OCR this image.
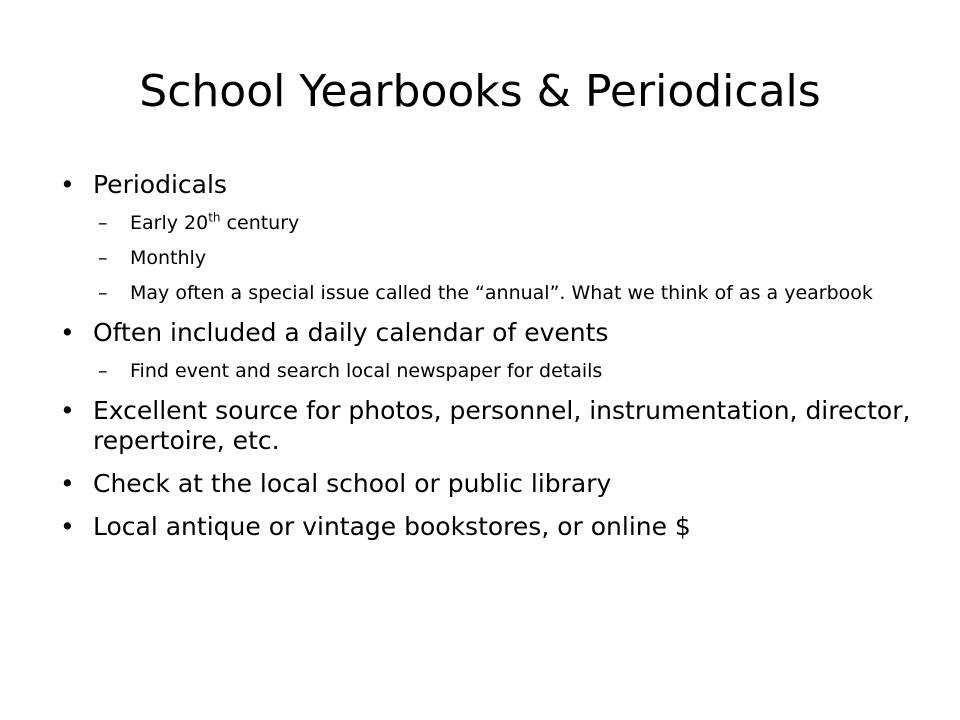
School Yearbooks & Periodicals
• Periodicals
– Early 20th century
– Monthly
– May often a special issue called the “annual”. What we think of as a yearbook
• Often included a daily calendar of events
– Find event and search local newspaper for details
• Excellent source for photos, personnel, instrumentation, director, repertoire, etc.
• Check at the local school or public library
• Local antique or vintage bookstores, or online $
